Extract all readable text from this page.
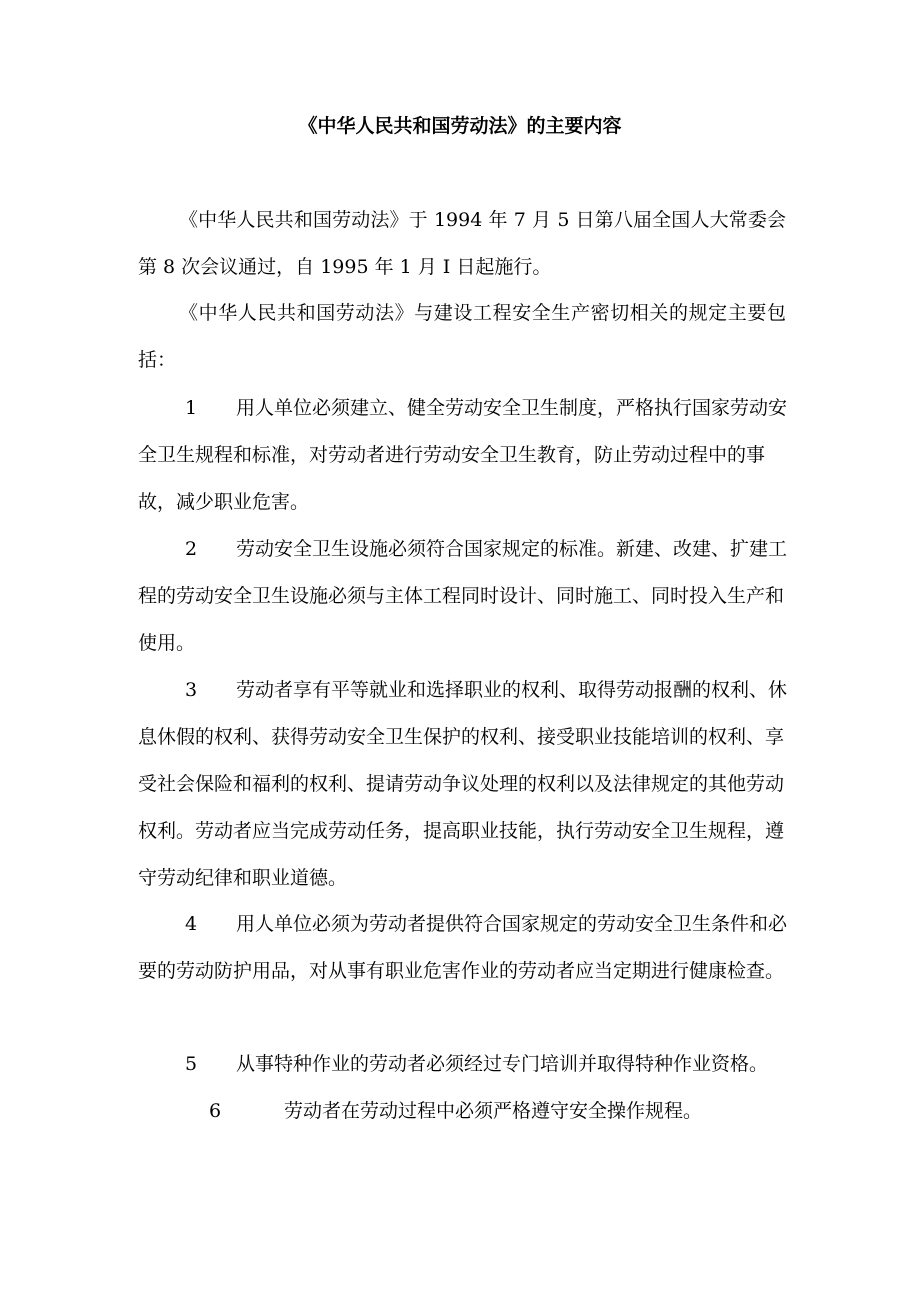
《中华人民共和国劳动法》的主要内容

《中华人民共和国劳动法》于 1994 年 7 月 5 日第八届全国人大常委会第 8 次会议通过，自 1995 年 1 月 I 日起施行。

《中华人民共和国劳动法》与建设工程安全生产密切相关的规定主要包括：

1 用人单位必须建立、健全劳动安全卫生制度，严格执行国家劳动安全卫生规程和标准，对劳动者进行劳动安全卫生教育，防止劳动过程中的事故，减少职业危害。

2 劳动安全卫生设施必须符合国家规定的标准。新建、改建、扩建工程的劳动安全卫生设施必须与主体工程同时设计、同时施工、同时投入生产和使用。

3 劳动者享有平等就业和选择职业的权利、取得劳动报酬的权利、休息休假的权利、获得劳动安全卫生保护的权利、接受职业技能培训的权利、享受社会保险和福利的权利、提请劳动争议处理的权利以及法律规定的其他劳动权利。劳动者应当完成劳动任务，提高职业技能，执行劳动安全卫生规程，遵守劳动纪律和职业道德。

4 用人单位必须为劳动者提供符合国家规定的劳动安全卫生条件和必要的劳动防护用品，对从事有职业危害作业的劳动者应当定期进行健康检查。

5 从事特种作业的劳动者必须经过专门培训并取得特种作业资格。

6	劳动者在劳动过程中必须严格遵守安全操作规程。
